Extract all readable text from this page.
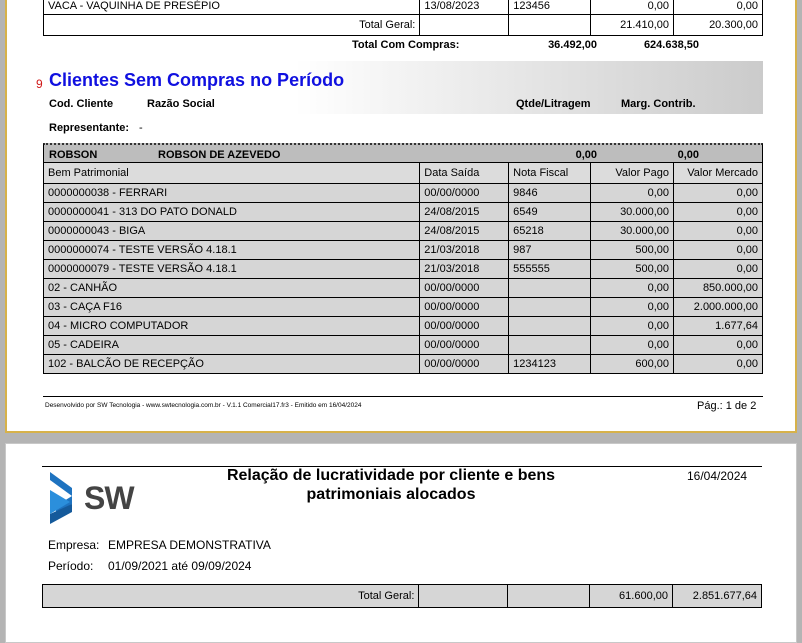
VACA - VAQUINHA DE PRESÉPIO	13/08/2023	123456	0,00	0,00
Total Geral:			21.410,00	20.300,00
Total Com Compras:	36.492,00	624.638,50
9 Clientes Sem Compras no Período
Cod. Cliente	Razão Social	Qtde/Litragem	Marg. Contrib.
Representante: -
ROBSON	ROBSON DE AZEVEDO	0,00	0,00
Bem Patrimonial	Data Saída	Nota Fiscal	Valor Pago	Valor Mercado
0000000038 - FERRARI	00/00/0000	9846	0,00	0,00
0000000041 - 313 DO PATO DONALD	24/08/2015	6549	30.000,00	0,00
0000000043 - BIGA	24/08/2015	65218	30.000,00	0,00
0000000074 - TESTE VERSÃO 4.18.1	21/03/2018	987	500,00	0,00
0000000079 - TESTE VERSÃO 4.18.1	21/03/2018	555555	500,00	0,00
02 - CANHÃO	00/00/0000		0,00	850.000,00
03 - CAÇA F16	00/00/0000		0,00	2.000.000,00
04 - MICRO COMPUTADOR	00/00/0000		0,00	1.677,64
05 - CADEIRA	00/00/0000		0,00	0,00
102 - BALCÃO DE RECEPÇÃO	00/00/0000	1234123	600,00	0,00
Desenvolvido por SW Tecnologia - www.swtecnologia.com.br - V.1.1 Comercial17.fr3 - Emitido em 16/04/2024	Pág.: 1 de 2
SW
Relação de lucratividade por cliente e bens
patrimoniais alocados
16/04/2024
Empresa: EMPRESA DEMONSTRATIVA
Período: 01/09/2021 até 09/09/2024
Total Geral:			61.600,00	2.851.677,64
